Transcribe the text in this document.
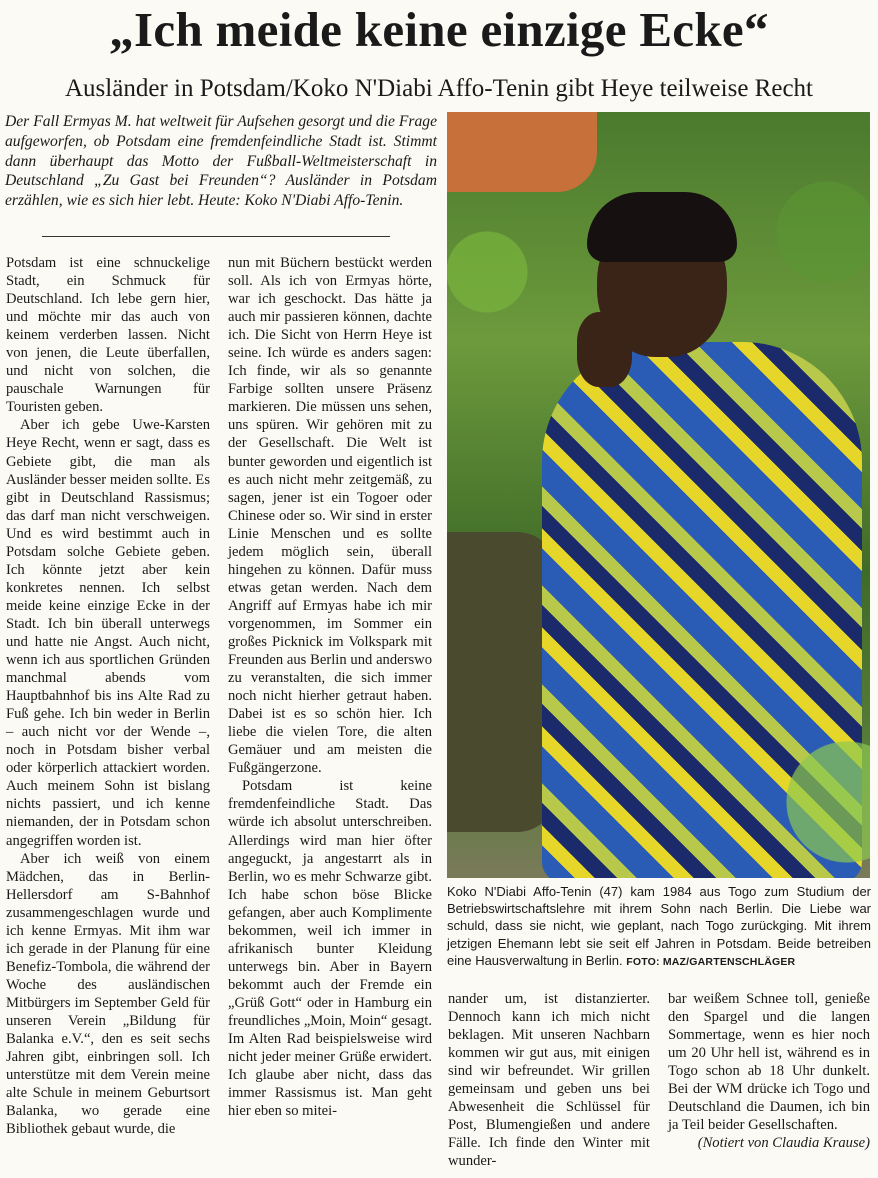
„Ich meide keine einzige Ecke“
Ausländer in Potsdam/Koko N'Diabi Affo-Tenin gibt Heye teilweise Recht
Der Fall Ermyas M. hat weltweit für Aufsehen gesorgt und die Frage aufgeworfen, ob Potsdam eine fremdenfeindliche Stadt ist. Stimmt dann überhaupt das Motto der Fußball-Weltmeisterschaft in Deutschland „Zu Gast bei Freunden“? Ausländer in Potsdam erzählen, wie es sich hier lebt. Heute: Koko N'Diabi Affo-Tenin.

Potsdam ist eine schnuckelige Stadt, ein Schmuck für Deutschland. Ich lebe gern hier, und möchte mir das auch von keinem verderben lassen. Nicht von jenen, die Leute überfallen, und nicht von solchen, die pauschale Warnungen für Touristen geben.

Aber ich gebe Uwe-Karsten Heye Recht, wenn er sagt, dass es Gebiete gibt, die man als Ausländer besser meiden sollte. Es gibt in Deutschland Rassismus; das darf man nicht verschweigen. Und es wird bestimmt auch in Potsdam solche Gebiete geben. Ich könnte jetzt aber kein konkretes nennen. Ich selbst meide keine einzige Ecke in der Stadt. Ich bin überall unterwegs und hatte nie Angst. Auch nicht, wenn ich aus sportlichen Gründen manchmal abends vom Hauptbahnhof bis ins Alte Rad zu Fuß gehe. Ich bin weder in Berlin – auch nicht vor der Wende –, noch in Potsdam bisher verbal oder körperlich attackiert worden. Auch meinem Sohn ist bislang nichts passiert, und ich kenne niemanden, der in Potsdam schon angegriffen worden ist.

Aber ich weiß von einem Mädchen, das in Berlin-Hellersdorf am S-Bahnhof zusammengeschlagen wurde und ich kenne Ermyas. Mit ihm war ich gerade in der Planung für eine Benefiz-Tombola, die während der Woche des ausländischen Mitbürgers im September Geld für unseren Verein „Bildung für Balanka e.V.“, den es seit sechs Jahren gibt, einbringen soll. Ich unterstütze mit dem Verein meine alte Schule in meinem Geburtsort Balanka, wo gerade eine Bibliothek gebaut wurde, die

nun mit Büchern bestückt werden soll. Als ich von Ermyas hörte, war ich geschockt. Das hätte ja auch mir passieren können, dachte ich. Die Sicht von Herrn Heye ist seine. Ich würde es anders sagen: Ich finde, wir als so genannte Farbige sollten unsere Präsenz markieren. Die müssen uns sehen, uns spüren. Wir gehören mit zu der Gesellschaft. Die Welt ist bunter geworden und eigentlich ist es auch nicht mehr zeitgemäß, zu sagen, jener ist ein Togoer oder Chinese oder so. Wir sind in erster Linie Menschen und es sollte jedem möglich sein, überall hingehen zu können. Dafür muss etwas getan werden. Nach dem Angriff auf Ermyas habe ich mir vorgenommen, im Sommer ein großes Picknick im Volkspark mit Freunden aus Berlin und anderswo zu veranstalten, die sich immer noch nicht hierher getraut haben. Dabei ist es so schön hier. Ich liebe die vielen Tore, die alten Gemäuer und am meisten die Fußgängerzone.

Potsdam ist keine fremdenfeindliche Stadt. Das würde ich absolut unterschreiben. Allerdings wird man hier öfter angeguckt, ja angestarrt als in Berlin, wo es mehr Schwarze gibt. Ich habe schon böse Blicke gefangen, aber auch Komplimente bekommen, weil ich immer in afrikanisch bunter Kleidung unterwegs bin. Aber in Bayern bekommt auch der Fremde ein „Grüß Gott“ oder in Hamburg ein freundliches „Moin, Moin“ gesagt. Im Alten Rad beispielsweise wird nicht jeder meiner Grüße erwidert. Ich glaube aber nicht, dass das immer Rassismus ist. Man geht hier eben so mitei-

Koko N'Diabi Affo-Tenin (47) kam 1984 aus Togo zum Studium der Betriebswirtschaftslehre mit ihrem Sohn nach Berlin. Die Liebe war schuld, dass sie nicht, wie geplant, nach Togo zurückging. Mit ihrem jetzigen Ehemann lebt sie seit elf Jahren in Potsdam. Beide betreiben eine Hausverwaltung in Berlin. FOTO: MAZ/GARTENSCHLÄGER

nander um, ist distanzierter. Dennoch kann ich mich nicht beklagen. Mit unseren Nachbarn kommen wir gut aus, mit einigen sind wir befreundet. Wir grillen gemeinsam und geben uns bei Abwesenheit die Schlüssel für Post, Blumengießen und andere Fälle. Ich finde den Winter mit wunder-

bar weißem Schnee toll, genieße den Spargel und die langen Sommertage, wenn es hier noch um 20 Uhr hell ist, während es in Togo schon ab 18 Uhr dunkelt. Bei der WM drücke ich Togo und Deutschland die Daumen, ich bin ja Teil beider Gesellschaften.

(Notiert von Claudia Krause)
